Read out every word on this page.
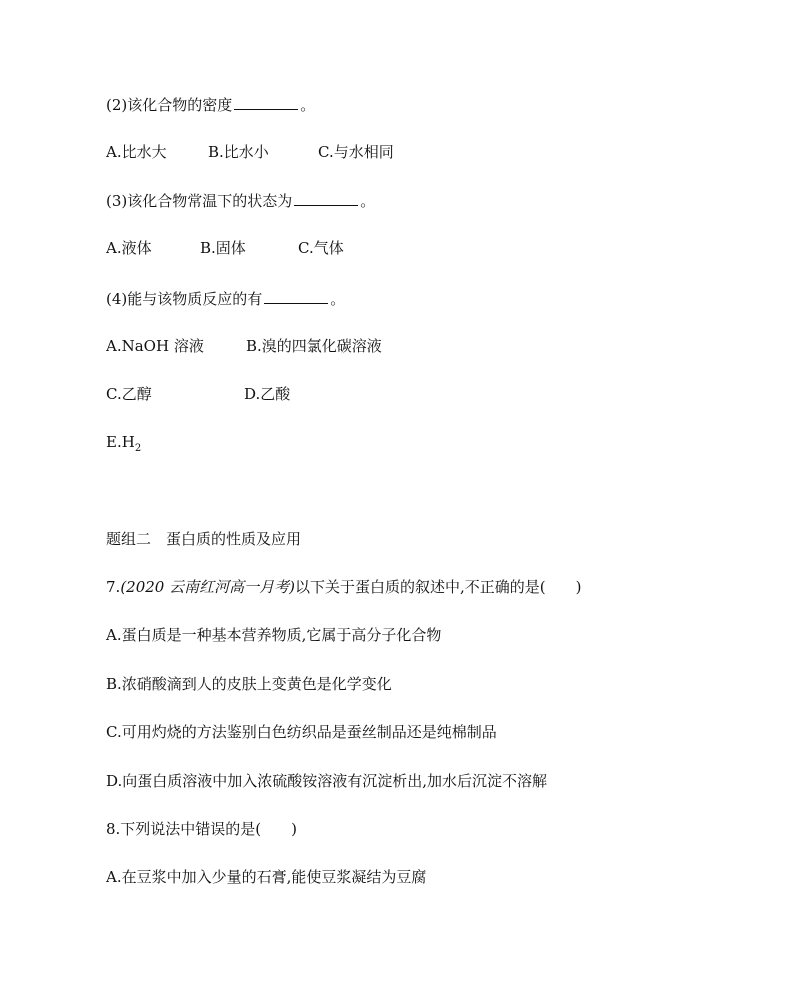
(2)该化合物的密度	。
A.比水大	B.比水小	C.与水相同
(3)该化合物常温下的状态为	。
A.液体	B.固体	C.气体
(4)能与该物质反应的有	。
A.NaOH 溶液	B.溴的四氯化碳溶液
C.乙醇	D.乙酸
$E.H_2$
题组二　蛋白质的性质及应用
7.(2020 云南红河高一月考)以下关于蛋白质的叙述中,不正确的是( )
A.蛋白质是一种基本营养物质,它属于高分子化合物
B.浓硝酸滴到人的皮肤上变黄色是化学变化
C.可用灼烧的方法鉴别白色纺织品是蚕丝制品还是纯棉制品
D.向蛋白质溶液中加入浓硫酸铵溶液有沉淀析出,加水后沉淀不溶解
8.下列说法中错误的是( )
A.在豆浆中加入少量的石膏,能使豆浆凝结为豆腐
